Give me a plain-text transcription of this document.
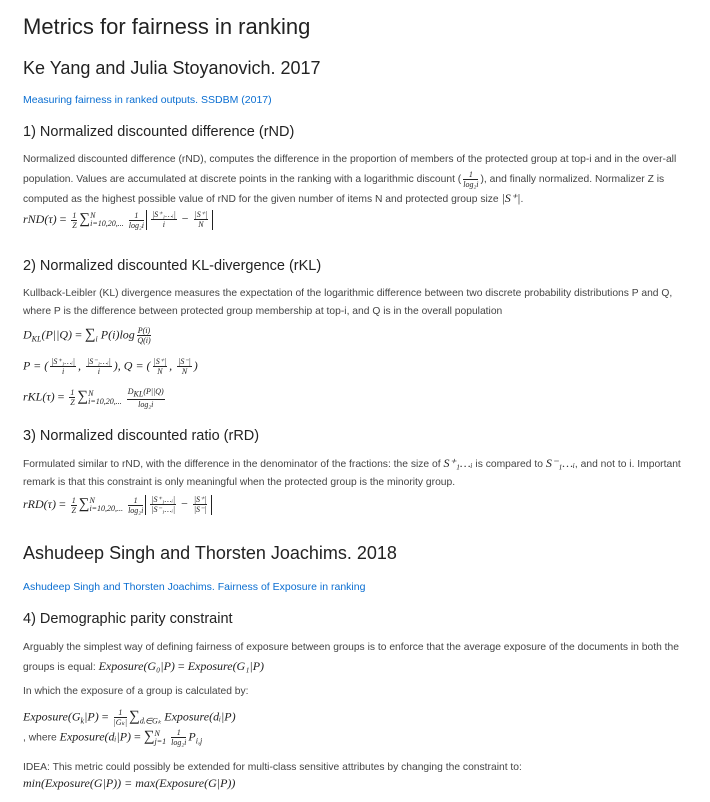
Metrics for fairness in ranking
Ke Yang and Julia Stoyanovich. 2017
Measuring fairness in ranked outputs. SSDBM (2017)
1) Normalized discounted difference (rND)

Normalized discounted difference (rND), computes the difference in the proportion of members of the protected group at top-i and in the over-all population. Values are accumulated at discrete points in the ranking with a logarithmic discount ( $\frac{1}{\text{log₂i}}$ ), and finally normalized. Normalizer Z is computed as the highest possible value of rND for the given number of items N and protected group size |S⁺|.

$rND(\tau) = \frac{1}{Z}$ ∑ N
i=10,20,...
$\frac{1}{\text{log₂i}} \frac{\text{|S⁺₁…ᵢ|}}{i} - \frac{|S^+|}{N}$
2) Normalized discounted KL-divergence (rKL)

Kullback-Leibler (KL) divergence measures the expectation of the logarithmic difference between two discrete probability distributions P and Q, where P is the difference between protected group membership at top-i, and Q is in the overall population

$D_{KL}(P||Q) = \sum_i$ $P(i)\log \frac{P(i)}{Q(i)}$
P = ( $\frac{\text{|S⁺₁…ᵢ|}}{i}$ , $\frac{\text{|S⁻₁…ᵢ|}}{i}$ ), Q = ( $\frac{|S^+|}{N}$ , $\frac{|S^-|}{N}$ )
$rKL(\tau) = \frac{1}{Z}$ ∑ N
i=10,20,...

$D_{KL}(P||Q)$
log₂i
3) Normalized discounted ratio (rRD)

Formulated similar to rND, with the difference in the denominator of the fractions: the size of S⁺₁…ᵢ is compared to S⁻₁…ᵢ, and not to i. Important remark is that this constraint is only meaningful when the protected group is the minority group.

$rRD(\tau) = \frac{1}{Z}$ ∑ N
i=10,20,...
$\frac{1}{\text{log₂i}} \frac{\text{|S⁺₁…ᵢ|}}{\text{|S⁻₁…ᵢ|}} - \frac{|S^+|}{|S^-|}$
Ashudeep Singh and Thorsten Joachims. 2018
Ashudeep Singh and Thorsten Joachims. Fairness of Exposure in ranking
4) Demographic parity constraint

Arguably the simplest way of defining fairness of exposure between groups is to enforce that the average exposure of the documents in both the groups is equal: Exposure(G₀|P) = Exposure(G₁|P)

In which the exposure of a group is calculated by:

$Exposure(G_k|P) = \frac{1}{\text{|Gₖ|}} \sum_{dᵢ\in G_k}$ Exposure(dᵢ|P)
, where Exposure(dᵢ|P) = ∑ N
j=1
$\frac{1}{\text{log₂i}} P_{i,j}$

IDEA: This metric could possibly be extended for multi-class sensitive attributes by changing the constraint to:

min(Exposure(G|P)) = max(Exposure(G|P))
